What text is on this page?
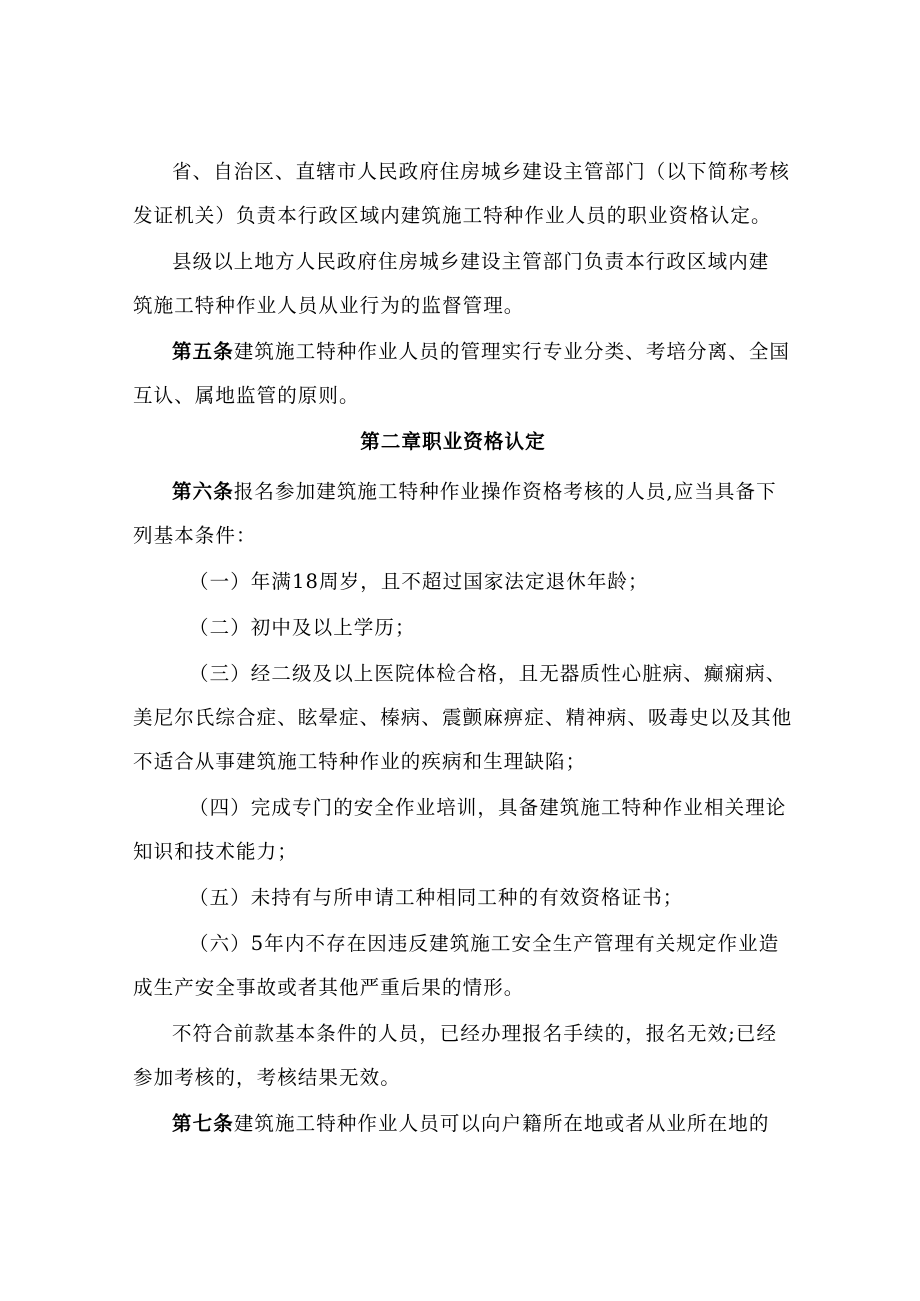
省、自治区、直辖市人民政府住房城乡建设主管部门（以下简称考核
发证机关）负责本行政区域内建筑施工特种作业人员的职业资格认定。

县级以上地方人民政府住房城乡建设主管部门负责本行政区域内建
筑施工特种作业人员从业行为的监督管理。

第五条建筑施工特种作业人员的管理实行专业分类、考培分离、全国
互认、属地监管的原则。

第二章职业资格认定

第六条报名参加建筑施工特种作业操作资格考核的人员,应当具备下
列基本条件：

（一）年满18周岁，且不超过国家法定退休年龄；

（二）初中及以上学历；

（三）经二级及以上医院体检合格，且无器质性心脏病、癫痫病、
美尼尔氏综合症、眩晕症、榛病、震颤麻痹症、精神病、吸毒史以及其他
不适合从事建筑施工特种作业的疾病和生理缺陷；

（四）完成专门的安全作业培训，具备建筑施工特种作业相关理论
知识和技术能力；

（五）未持有与所申请工种相同工种的有效资格证书；

（六）5年内不存在因违反建筑施工安全生产管理有关规定作业造
成生产安全事故或者其他严重后果的情形。

不符合前款基本条件的人员，已经办理报名手续的，报名无效;已经
参加考核的，考核结果无效。

第七条建筑施工特种作业人员可以向户籍所在地或者从业所在地的
